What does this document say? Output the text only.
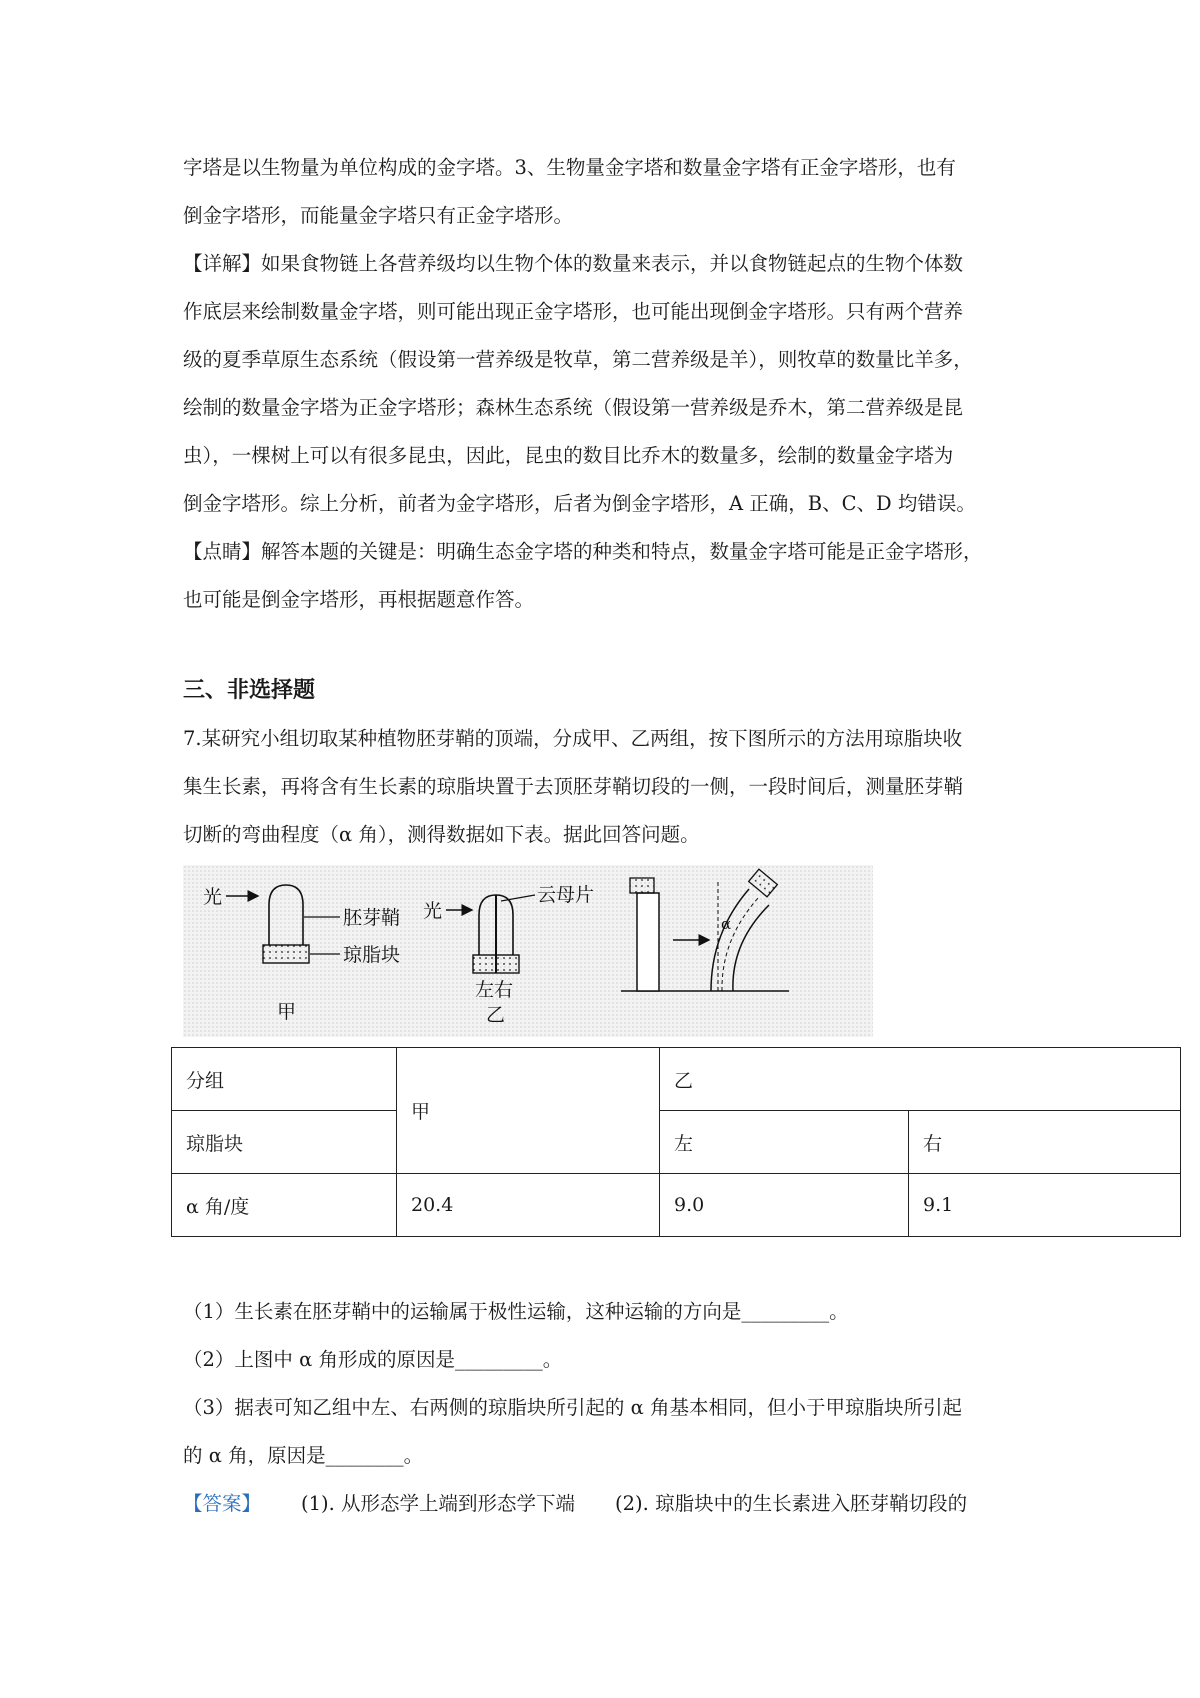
字塔是以生物量为单位构成的金字塔。3、生物量金字塔和数量金字塔有正金字塔形，也有
倒金字塔形，而能量金字塔只有正金字塔形。
【详解】如果食物链上各营养级均以生物个体的数量来表示，并以食物链起点的生物个体数
作底层来绘制数量金字塔，则可能出现正金字塔形，也可能出现倒金字塔形。只有两个营养
级的夏季草原生态系统（假设第一营养级是牧草，第二营养级是羊），则牧草的数量比羊多，
绘制的数量金字塔为正金字塔形；森林生态系统（假设第一营养级是乔木，第二营养级是昆
虫），一棵树上可以有很多昆虫，因此，昆虫的数目比乔木的数量多，绘制的数量金字塔为
倒金字塔形。综上分析，前者为金字塔形，后者为倒金字塔形，A 正确，B、C、D 均错误。
【点睛】解答本题的关键是：明确生态金字塔的种类和特点，数量金字塔可能是正金字塔形，
也可能是倒金字塔形，再根据题意作答。
三、非选择题
7.某研究小组切取某种植物胚芽鞘的顶端，分成甲、乙两组，按下图所示的方法用琼脂块收
集生长素，再将含有生长素的琼脂块置于去顶胚芽鞘切段的一侧，一段时间后，测量胚芽鞘
切断的弯曲程度（α 角），测得数据如下表。据此回答问题。
光
胚芽鞘
琼脂块
甲
光
云母片
左右
乙
α
分组	甲	乙	
琼脂块		左	右
α 角/度	20.4	9.0	9.1
（1）生长素在胚芽鞘中的运输属于极性运输，这种运输的方向是_________。
（2）上图中 α 角形成的原因是_________。
（3）据表可知乙组中左、右两侧的琼脂块所引起的 α 角基本相同，但小于甲琼脂块所引起
的 α 角，原因是________。
【答案】 (1). 从形态学上端到形态学下端 (2). 琼脂块中的生长素进入胚芽鞘切段的
